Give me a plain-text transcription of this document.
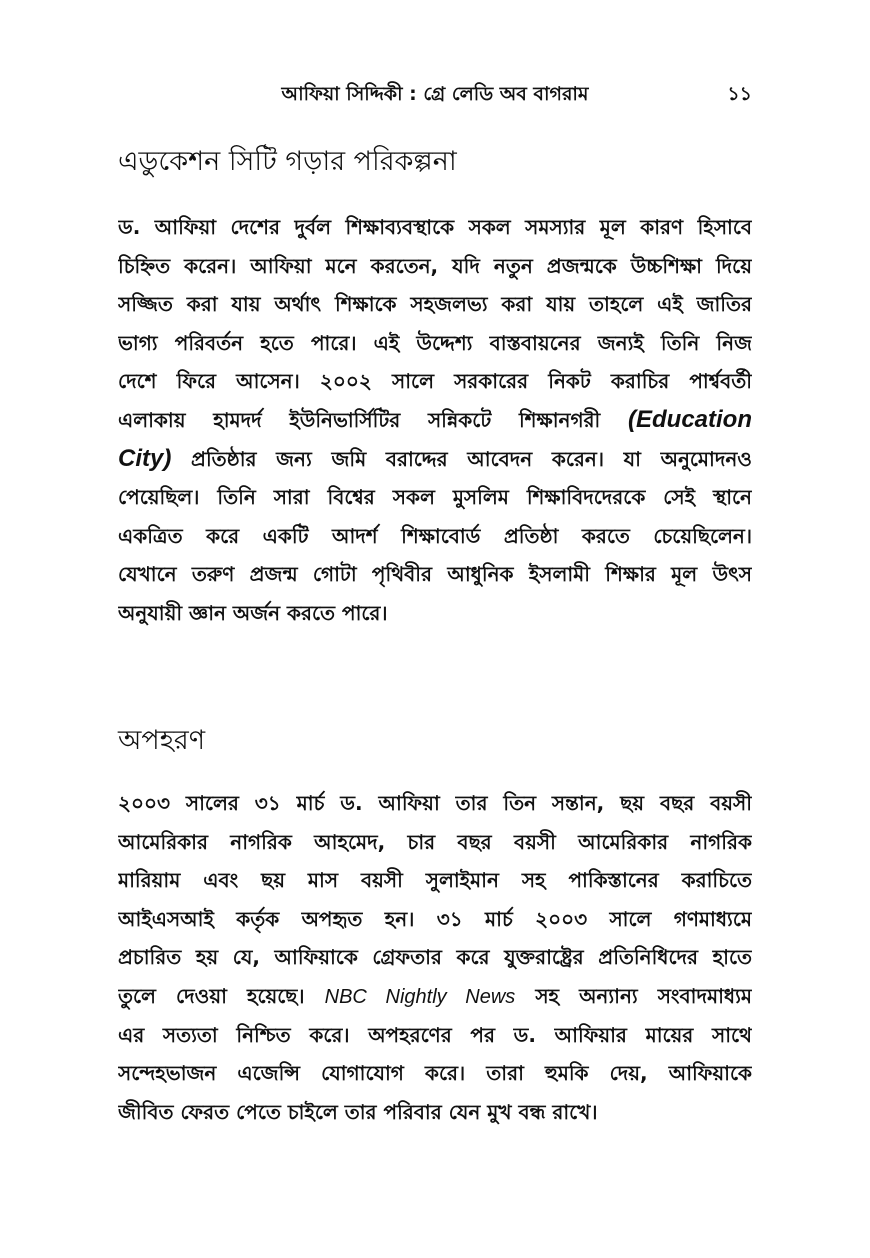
আফিয়া সিদ্দিকী : গ্রে লেডি অব বাগরাম	১১
এডুকেশন সিটি গড়ার পরিকল্পনা
ড. আফিয়া দেশের দুর্বল শিক্ষাব্যবস্থাকে সকল সমস্যার মূল কারণ হিসাবে
চিহ্নিত করেন। আফিয়া মনে করতেন, যদি নতুন প্রজন্মকে উচ্চশিক্ষা দিয়ে
সজ্জিত করা যায় অর্থাৎ শিক্ষাকে সহজলভ্য করা যায় তাহলে এই জাতির
ভাগ্য পরিবর্তন হতে পারে। এই উদ্দেশ্য বাস্তবায়নের জন্যই তিনি নিজ
দেশে ফিরে আসেন। ২০০২ সালে সরকারের নিকট করাচির পার্শ্ববর্তী
এলাকায় হামদর্দ ইউনিভার্সিটির সন্নিকটে শিক্ষানগরী (Education
City) প্রতিষ্ঠার জন্য জমি বরাদ্দের আবেদন করেন। যা অনুমোদনও
পেয়েছিল। তিনি সারা বিশ্বের সকল মুসলিম শিক্ষাবিদদেরকে সেই স্থানে
একত্রিত করে একটি আদর্শ শিক্ষাবোর্ড প্রতিষ্ঠা করতে চেয়েছিলেন।
যেখানে তরুণ প্রজন্ম গোটা পৃথিবীর আধুনিক ইসলামী শিক্ষার মূল উৎস
অনুযায়ী জ্ঞান অর্জন করতে পারে।
অপহরণ
২০০৩ সালের ৩১ মার্চ ড. আফিয়া তার তিন সন্তান, ছয় বছর বয়সী
আমেরিকার নাগরিক আহমেদ, চার বছর বয়সী আমেরিকার নাগরিক
মারিয়াম এবং ছয় মাস বয়সী সুলাইমান সহ পাকিস্তানের করাচিতে
আইএসআই কর্তৃক অপহৃত হন। ৩১ মার্চ ২০০৩ সালে গণমাধ্যমে
প্রচারিত হয় যে, আফিয়াকে গ্রেফতার করে যুক্তরাষ্ট্রের প্রতিনিধিদের হাতে
তুলে দেওয়া হয়েছে। NBC Nightly News সহ অন্যান্য সংবাদমাধ্যম
এর সত্যতা নিশ্চিত করে। অপহরণের পর ড. আফিয়ার মায়ের সাথে
সন্দেহভাজন এজেন্সি যোগাযোগ করে। তারা হুমকি দেয়, আফিয়াকে
জীবিত ফেরত পেতে চাইলে তার পরিবার যেন মুখ বন্ধ রাখে।
